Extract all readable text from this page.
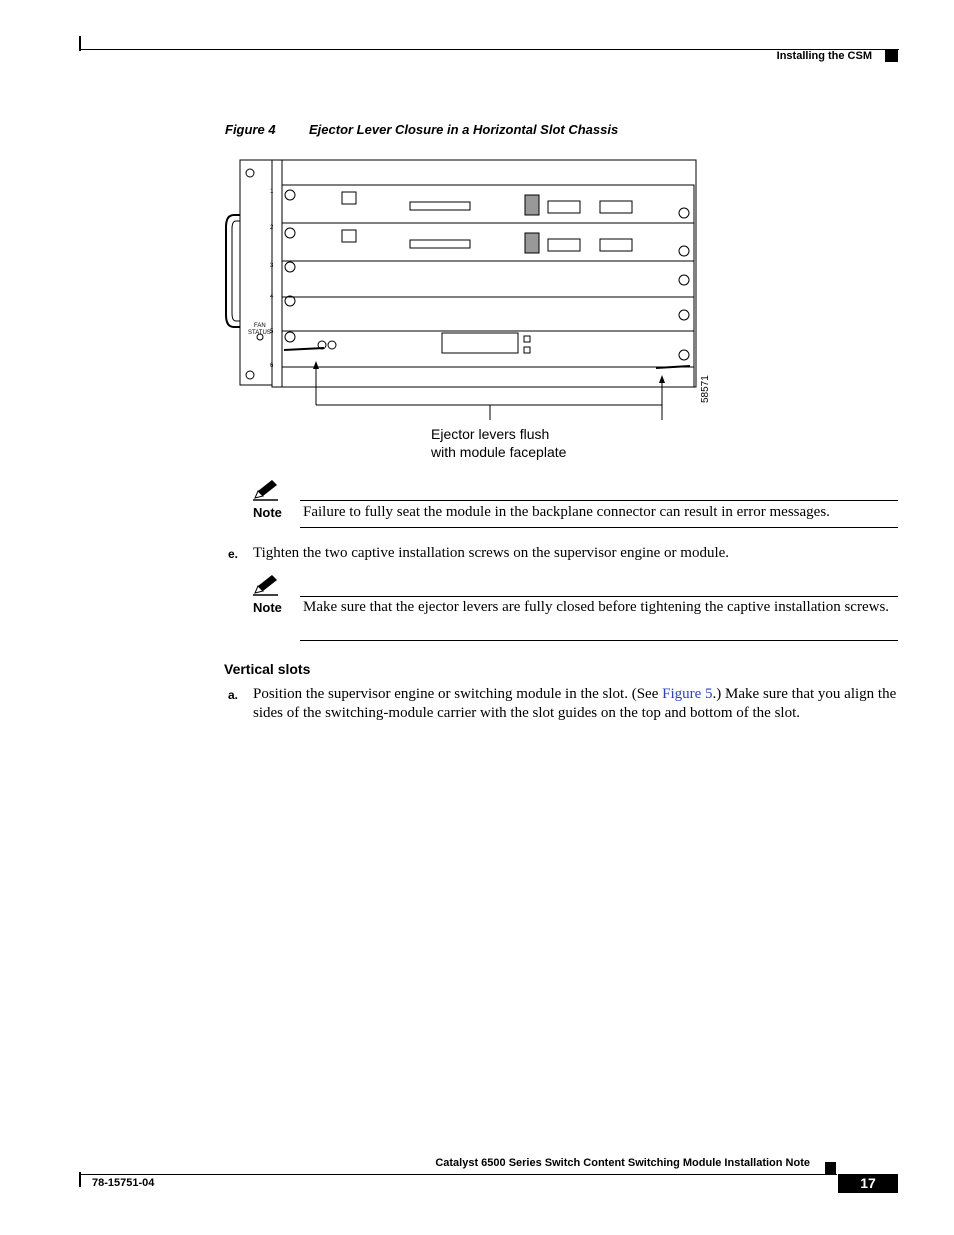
Installing the CSM
Figure 4	Ejector Lever Closure in a Horizontal Slot Chassis
1
2
3
4
5
6
FAN
STATUS
58571
Ejector levers flush
with module faceplate
Note Failure to fully seat the module in the backplane connector can result in error messages.
e. Tighten the two captive installation screws on the supervisor engine or module.
Note Make sure that the ejector levers are fully closed before tightening the captive installation screws.
Vertical slots
a. Position the supervisor engine or switching module in the slot. (See Figure 5.) Make sure that you align the sides of the switching-module carrier with the slot guides on the top and bottom of the slot.
Catalyst 6500 Series Switch Content Switching Module Installation Note
78-15751-04	17
